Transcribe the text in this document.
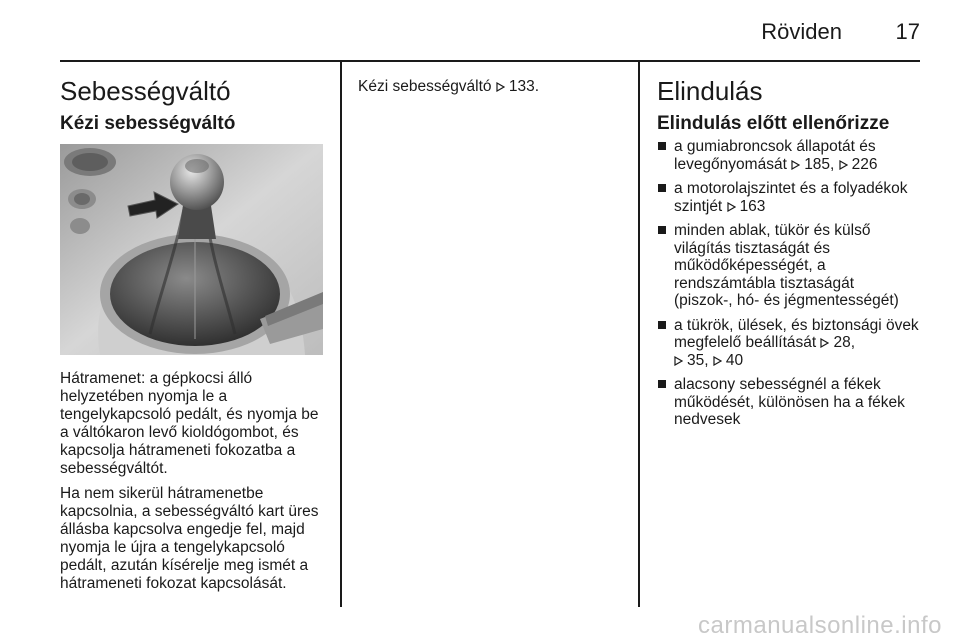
Röviden 17
Sebességváltó
Kézi sebességváltó

Hátramenet: a gépkocsi álló
helyzetében nyomja le a
tengelykapcsoló pedált, és nyomja be
a váltókaron levő kioldógombot, és
kapcsolja hátrameneti fokozatba a
sebességváltót.

Ha nem sikerül hátramenetbe
kapcsolnia, a sebességváltó kart üres
állásba kapcsolva engedje fel, majd
nyomja le újra a tengelykapcsoló
pedált, azután kísérelje meg ismét a
hátrameneti fokozat kapcsolását.

Kézi sebességváltó 133.	Elindulás
Elindulás előtt ellenőrizze
a gumiabroncsok állapotát és
levegőnyomását 185, 226
a motorolajszintet és a folyadékok
szintjét 163
minden ablak, tükör és külső
világítás tisztaságát és
működőképességét, a
rendszámtábla tisztaságát
(piszok-, hó- és jégmentességét)
a tükrök, ülések, és biztonsági övek
megfelelő beállítását 28,

35, 40
alacsony sebességnél a fékek
működését, különösen ha a fékek
nedvesek
carmanualsonline.info
